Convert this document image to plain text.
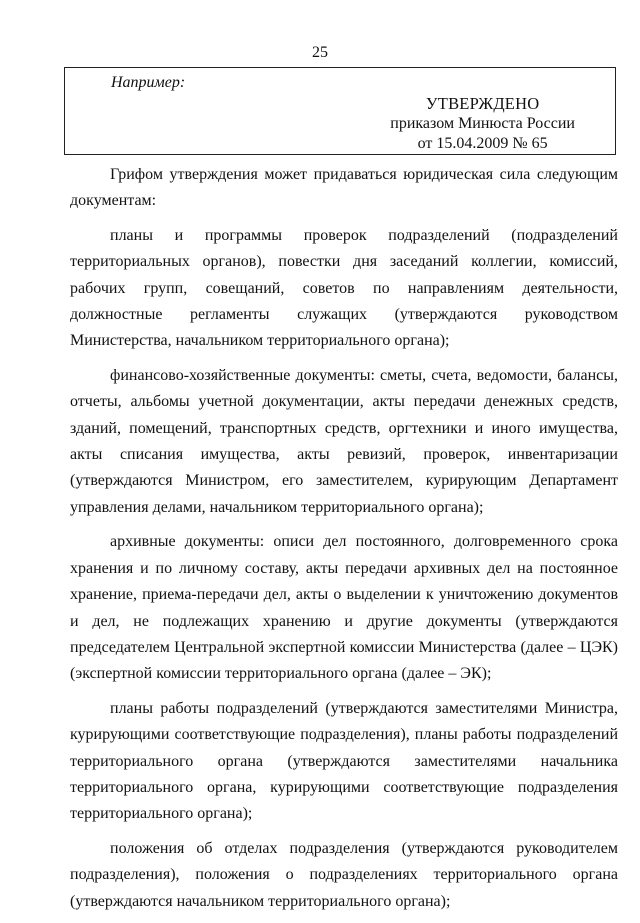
25
Например:
УТВЕРЖДЕНО
приказом Минюста России
от 15.04.2009 № 65

Грифом утверждения может придаваться юридическая сила следующим документам:

планы и программы проверок подразделений (подразделений территориальных органов), повестки дня заседаний коллегии, комиссий, рабочих групп, совещаний, советов по направлениям деятельности, должностные регламенты служащих (утверждаются руководством Министерства, начальником территориального органа);

финансово-хозяйственные документы: сметы, счета, ведомости, балансы, отчеты, альбомы учетной документации, акты передачи денежных средств, зданий, помещений, транспортных средств, оргтехники и иного имущества, акты списания имущества, акты ревизий, проверок, инвентаризации (утверждаются Министром, его заместителем, курирующим Департамент управления делами, начальником территориального органа);

архивные документы: описи дел постоянного, долговременного срока хранения и по личному составу, акты передачи архивных дел на постоянное хранение, приема-передачи дел, акты о выделении к уничтожению документов и дел, не подлежащих хранению и другие документы (утверждаются председателем Центральной экспертной комиссии Министерства (далее – ЦЭК) (экспертной комиссии территориального органа (далее – ЭК);

планы работы подразделений (утверждаются заместителями Министра, курирующими соответствующие подразделения), планы работы подразделений территориального органа (утверждаются заместителями начальника территориального органа, курирующими соответствующие подразделения территориального органа);

положения об отделах подразделения (утверждаются руководителем подразделения), положения о подразделениях территориального органа (утверждаются начальником территориального органа);
